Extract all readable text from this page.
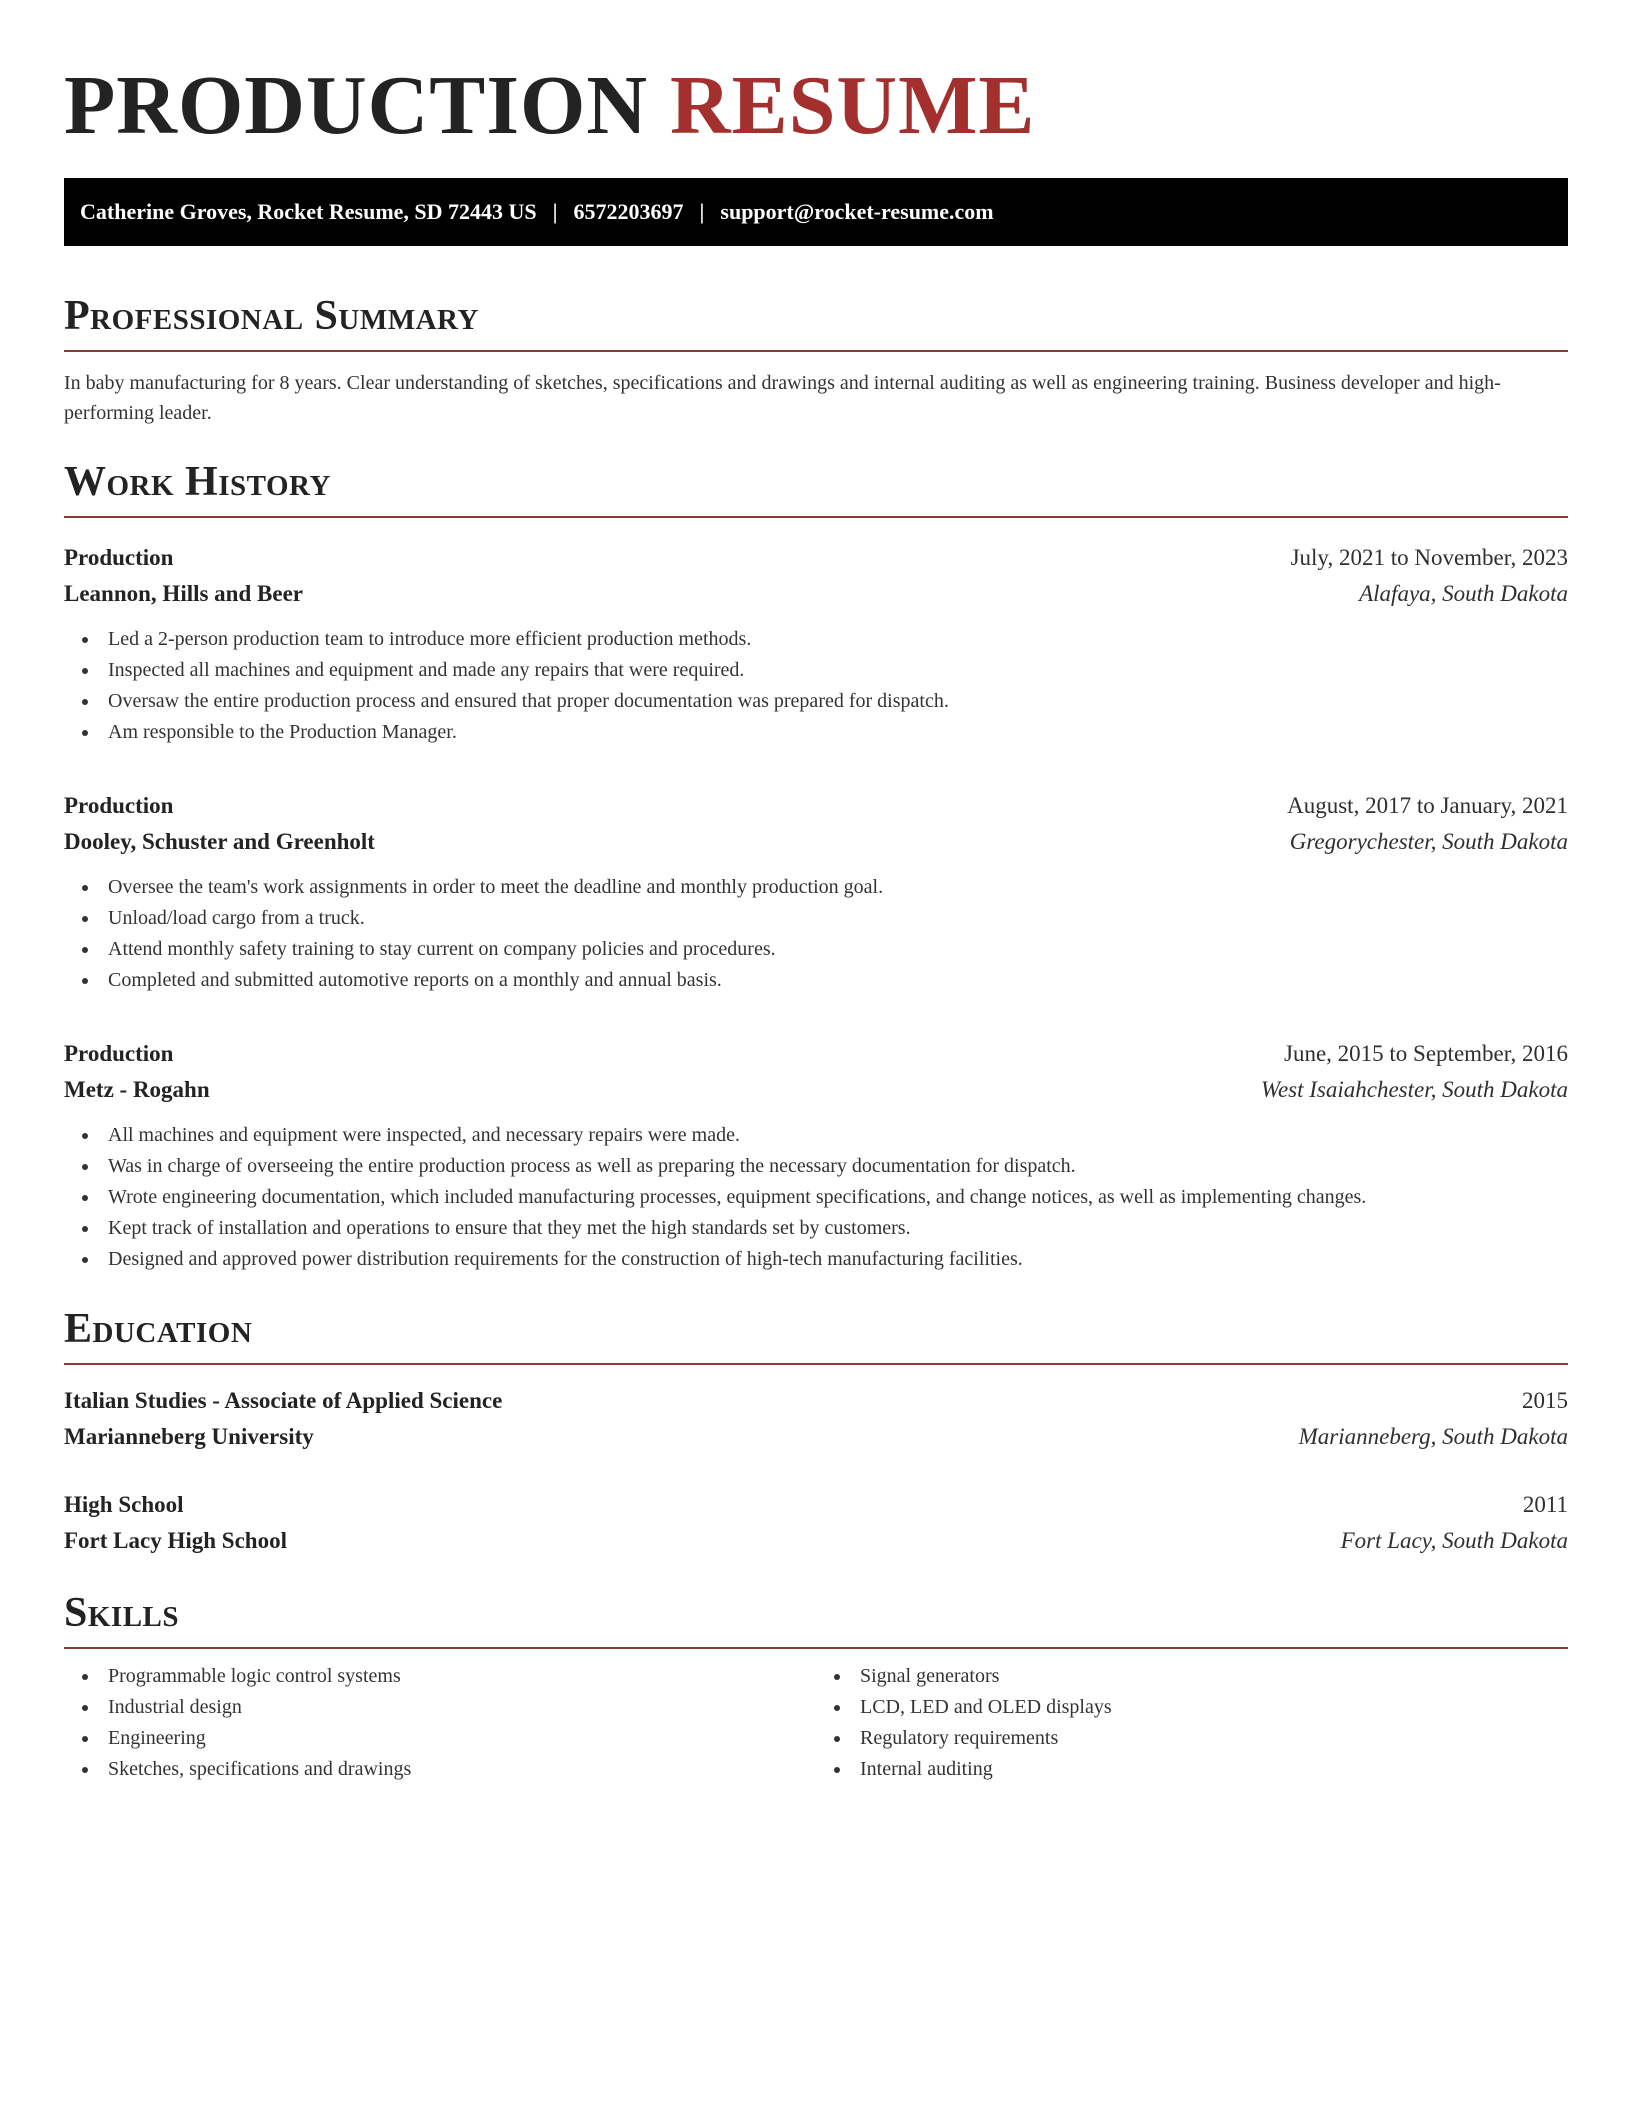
PRODUCTION RESUME
Catherine Groves, Rocket Resume, SD 72443 US | 6572203697 | support@rocket-resume.com
Professional Summary

In baby manufacturing for 8 years. Clear understanding of sketches, specifications and drawings and internal auditing as well as engineering training. Business developer and high-performing leader.

Work History
Production	July, 2021 to November, 2023
Leannon, Hills and Beer	Alafaya, South Dakota
Led a 2-person production team to introduce more efficient production methods.
Inspected all machines and equipment and made any repairs that were required.
Oversaw the entire production process and ensured that proper documentation was prepared for dispatch.
Am responsible to the Production Manager.
Production	August, 2017 to January, 2021
Dooley, Schuster and Greenholt	Gregorychester, South Dakota
Oversee the team's work assignments in order to meet the deadline and monthly production goal.
Unload/load cargo from a truck.
Attend monthly safety training to stay current on company policies and procedures.
Completed and submitted automotive reports on a monthly and annual basis.
Production	June, 2015 to September, 2016
Metz - Rogahn	West Isaiahchester, South Dakota
All machines and equipment were inspected, and necessary repairs were made.
Was in charge of overseeing the entire production process as well as preparing the necessary documentation for dispatch.
Wrote engineering documentation, which included manufacturing processes, equipment specifications, and change notices, as well as implementing changes.
Kept track of installation and operations to ensure that they met the high standards set by customers.
Designed and approved power distribution requirements for the construction of high-tech manufacturing facilities.
Education
Italian Studies - Associate of Applied Science	2015
Marianneberg University	Marianneberg, South Dakota
High School	2011
Fort Lacy High School	Fort Lacy, South Dakota
Skills
Programmable logic control systems
Industrial design
Engineering
Sketches, specifications and drawings
Signal generators
LCD, LED and OLED displays
Regulatory requirements
Internal auditing
